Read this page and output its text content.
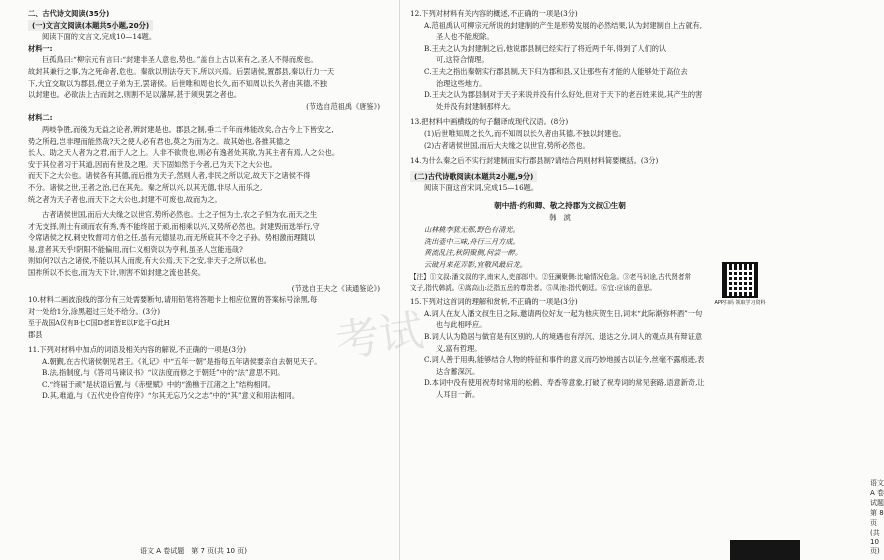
二、古代诗文阅读(35分)
(一)文言文阅读(本题共5小题,20分)
阅读下面的文言文,完成10—14题。
材料一:
巨孤鳥曰:“柳宗元有言曰:“封建非圣人意也,势也。”盖自上古以来有之,圣人不得而废也。
故封其兼行之事,为之死命者,危也。秦欲以刑法夺天下,所以兴焉。后罢诸侯,置郡县,秦以行力一天
下,大宜交取以为郡县,便立子弟为王,罢诸侯。后世唯和周也长久,而不知周以长久者由其德,不独
以封建也。必欲法上古而封之,则割不足以藩屏,甚于须臾罢之者也。
(节选自范祖禹《唐鉴》)
材料二:
两岐争胜,而後为无益之论者,辨封建是也。郡县之制,垂二千年而弗能改矣,合古今上下皆安之,
势之所趋,岂非理而能然哉?天之使人必有君也,莫之为而为之。故其始也,各推其德之
长人、助之天人者为之君,而于人之上。人非不欲贵也,则必有逸者处其欲,为其主者有焉,人之公也。
安于其位者习于其道,因而有世及之理。天下固如然于今者,已为天下之大公也。
而天下之大公也。诸侯各有其德,而后推为天子,然则人者,非民之所以定,故天下之诸侯不得
不分。诸侯之世,王者之治,已在其先。秦之所以兴,以其无德,非尽人而乐之,
统之者为天子者也,而天下之大公也,封建不可废也,故而为之。
古者诸侯世国,而后大夫缘之以世官,势所必然也。士之子恒为士,农之子恒为农,而天之生
才无支择,则士有顽而农有秀,秀不能终屈于顽,而相乘以兴,又势所必然也。封建毁而选举行,守
令席诸侯之权,刺史牧督司方伯之任,虽有元德显功,而无所庇其不令之子孙。势相激而理随以
易,意者其天乎!阴阳不能偏用,而仁义相资以为亨利,虽圣人岂能违哉?
则如何?以古之诸侯,不能以其人而废,有大公焉,天下之安,非天子之所以私也。
国祚所以不长也,而为天下计,则害不如封建之流也甚矣。
(节选自王夫之《读通鉴论》)
10.材料二画波浪线的部分有三处需要断句,请用铅笔将答题卡上相应位置的答案标号涂黑,每
对一处给1分,涂黑超过三处不给分。(3分)
至于战国A仅有B七C国D者E皆E以F迄于G此H
郡县
11.下列对材料中加点的词语及相关内容的解说,不正确的一项是(3分)
A.朝觐,在古代诸侯朝见君王。《礼记》中“五年一朝”是指每五年诸侯要亲自去朝见天子。
B.法,指制度,与《答司马谏议书》“议法度而修之于朝廷”中的“法”意思不同。
C.“终届于顽”是状语后置,与《赤壁赋》中的“渔樵于江渚之上”结构相同。
D.其,难道,与《五代史伶官传序》“尔其无忘乃父之志”中的“其”意义和用法相同。
语文 A 卷试题　第 7 页(共 10 页)
12.下列对材料有关内容的概述,不正确的一项是(3分)
A.范祖禹认可柳宗元所说的封建制的产生是形势发展的必然结果,认为封建制自上古就有,
圣人也不能废除。
B.王夫之认为封建制之后,他说郡县制已经实行了将近两千年,得到了人们的认
可,这符合情理。
C.王夫之指出秦朝实行郡县制,天下归为郡和县,又让那些有才能的人能够处于高位去
治理这些地方。
D.王夫之认为郡县制对于天子来说并没有什么好处,但对于天下的老百姓来说,其产生的害
处并没有封建制那样大。
13.把材料中画横线的句子翻译成现代汉语。(8分)
(1)后世唯知周之长久,而不知周以长久者由其德,不独以封建也。
(2)古者诸侯世国,而后大夫缘之以世官,势所必然也。
14.为什么秦之后不实行封建制而实行郡县制?请结合两则材料简要概括。(3分)
(二)古代诗歌阅读(本题共2小题,9分)
阅读下面这首宋词,完成15—16题。
朝中措·约和卿、敬之持郡为文叔①生朝
韩　淲
山林桃李犹无那,野色有清光。
洗出壶中三味,舟行三月方成。
黄流乱注,秋阴聚侧,何尝一醉。
云破月来花弄影,宜敬风最后龙。
【注】①文叔:潘文叔的字,南宋人,吏部郎中。②狂澜聚侧:比喻情况危急。③老马识途,古代贤者常
文子,指代韩淲。④嵩高山:泛指五岳的尊贵者。⑤凤池:指代朝廷。⑥宜:应该的意思。
15.下列对这首词的理解和赏析,不正确的一项是(3分)
A.词人在友人潘文叔生日之际,邀请两位好友一起为他庆贺生日,词末“此际渐弥杯酒”一句
也与此相呼应。
B.词人认为隐居与做官是有区别的,人的境遇也有浮沉、退达之分,词人的观点具有辩证意
义,富有哲理。
C.词人善于用典,能够结合人物的特征和事件的意义而巧妙地援古以证今,丝毫不露痕迹,表
达含蓄深沉。
D.本词中没有使用祝寿时常用的松鹤、寿香等意象,打破了祝寿词的常见套路,语意新奇,让
人耳目一新。
语文 A 卷试题　第 8 页(共 10 页)
APP扫码 领取学习资料
考试
